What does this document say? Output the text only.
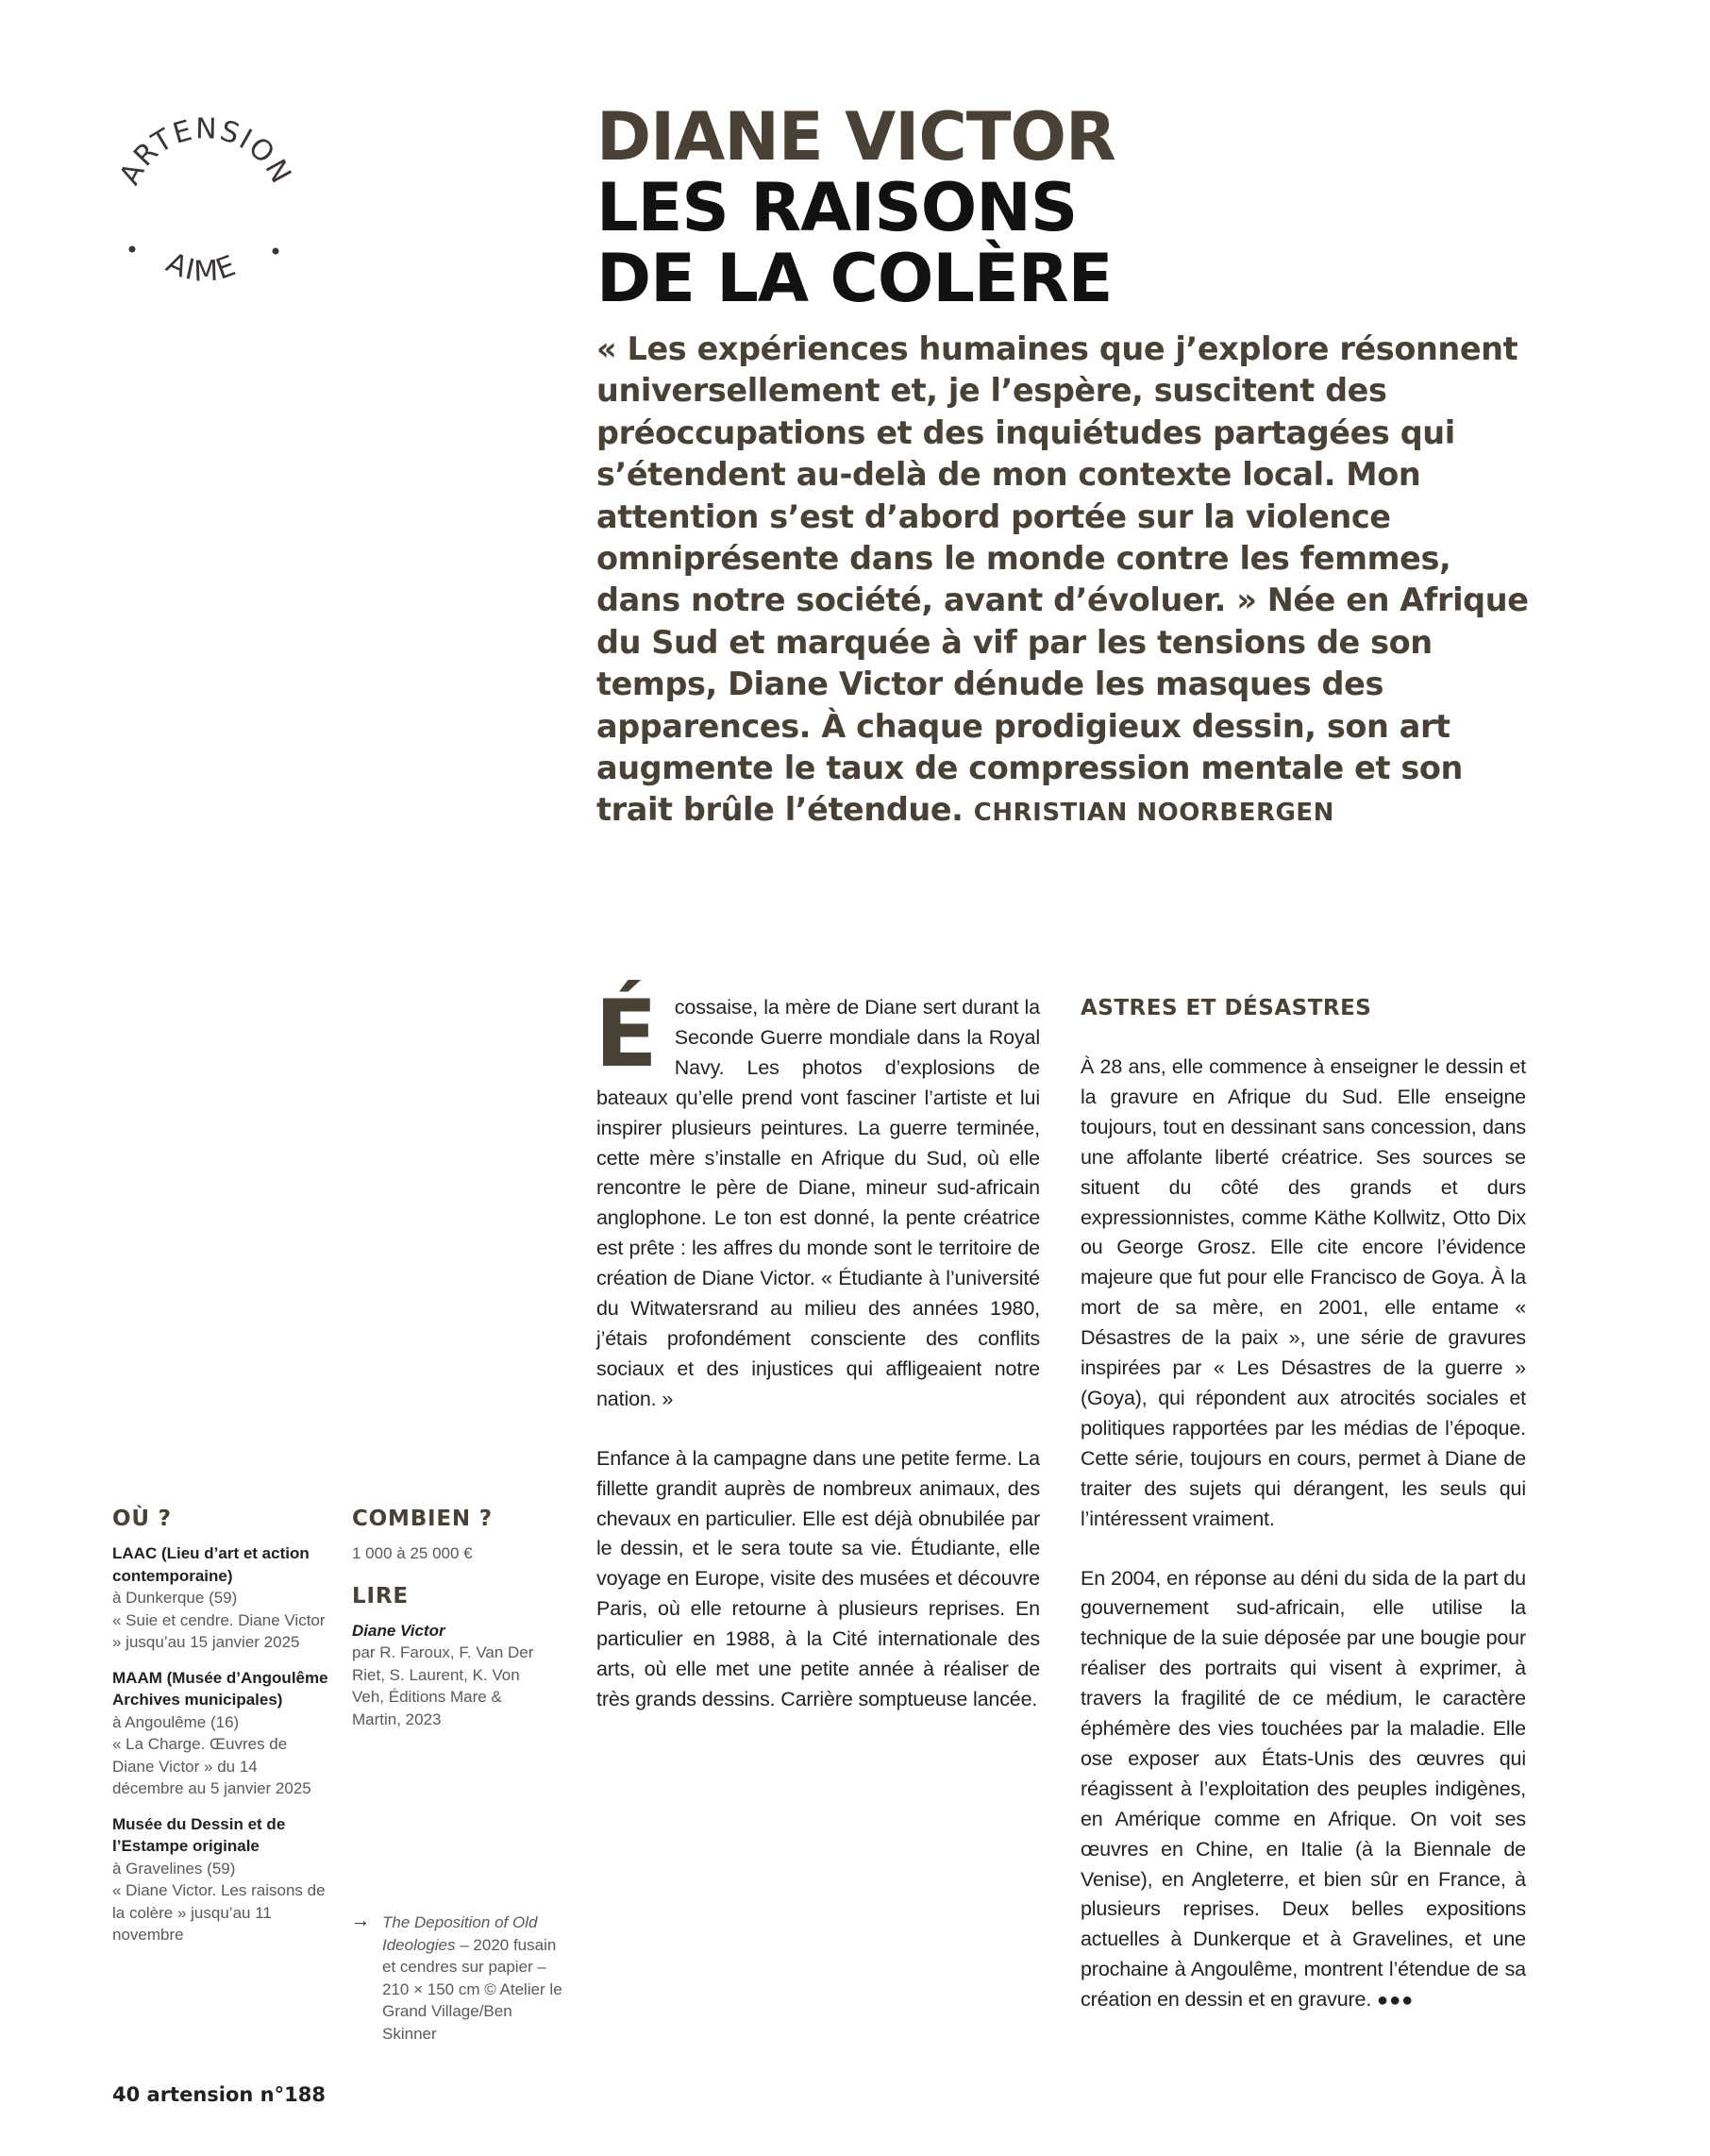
ARTENSION
AIME
DIANE VICTOR
LES RAISONS
DE LA COLÈRE

« Les expériences humaines que j’explore résonnent universellement et, je l’espère, suscitent des préoccupations et des inquiétudes partagées qui s’étendent au-delà de mon contexte local. Mon attention s’est d’abord portée sur la violence omniprésente dans le monde contre les femmes, dans notre société, avant d’évoluer. » Née en Afrique du Sud et marquée à vif par les tensions de son temps, Diane Victor dénude les masques des apparences. À chaque prodigieux dessin, son art augmente le taux de compression mentale et son trait brûle l’étendue. CHRISTIAN NOORBERGEN

Écossaise, la mère de Diane sert durant la Seconde Guerre mondiale dans la Royal Navy. Les photos d’explosions de bateaux qu’elle prend vont fasciner l’artiste et lui inspirer plusieurs peintures. La guerre terminée, cette mère s’installe en Afrique du Sud, où elle rencontre le père de Diane, mineur sud-africain anglophone. Le ton est donné, la pente créatrice est prête : les affres du monde sont le territoire de création de Diane Victor. « Étudiante à l’université du Witwatersrand au milieu des années 1980, j’étais profondément consciente des conflits sociaux et des injustices qui affligeaient notre nation. »

Enfance à la campagne dans une petite ferme. La fillette grandit auprès de nombreux animaux, des chevaux en particulier. Elle est déjà obnubilée par le dessin, et le sera toute sa vie. Étudiante, elle voyage en Europe, visite des musées et découvre Paris, où elle retourne à plusieurs reprises. En particulier en 1988, à la Cité internationale des arts, où elle met une petite année à réaliser de très grands dessins. Carrière somptueuse lancée.

ASTRES ET DÉSASTRES

À 28 ans, elle commence à enseigner le dessin et la gravure en Afrique du Sud. Elle enseigne toujours, tout en dessinant sans concession, dans une affolante liberté créatrice. Ses sources se situent du côté des grands et durs expressionnistes, comme Käthe Kollwitz, Otto Dix ou George Grosz. Elle cite encore l’évidence majeure que fut pour elle Francisco de Goya. À la mort de sa mère, en 2001, elle entame « Désastres de la paix », une série de gravures inspirées par « Les Désastres de la guerre » (Goya), qui répondent aux atrocités sociales et politiques rapportées par les médias de l’époque. Cette série, toujours en cours, permet à Diane de traiter des sujets qui dérangent, les seuls qui l’intéressent vraiment.

En 2004, en réponse au déni du sida de la part du gouvernement sud-africain, elle utilise la technique de la suie déposée par une bougie pour réaliser des portraits qui visent à exprimer, à travers la fragilité de ce médium, le caractère éphémère des vies touchées par la maladie. Elle ose exposer aux États-Unis des œuvres qui réagissent à l’exploitation des peuples indigènes, en Amérique comme en Afrique. On voit ses œuvres en Chine, en Italie (à la Biennale de Venise), en Angleterre, et bien sûr en France, à plusieurs reprises. Deux belles expositions actuelles à Dunkerque et à Gravelines, et une prochaine à Angoulême, montrent l’étendue de sa création en dessin et en gravure. ●●●

OÙ ?
LAAC (Lieu d’art et action contemporaine)
à Dunkerque (59)
« Suie et cendre. Diane Victor » jusqu’au 15 janvier 2025
MAAM (Musée d’Angoulême Archives municipales)
à Angoulême (16)
« La Charge. Œuvres de Diane Victor » du 14 décembre au 5 janvier 2025
Musée du Dessin et de l’Estampe originale
à Gravelines (59)
« Diane Victor. Les raisons de la colère » jusqu’au 11 novembre
COMBIEN ?
1 000 à 25 000 €
LIRE
Diane Victor
par R. Faroux, F. Van Der Riet, S. Laurent, K. Von Veh, Éditions Mare & Martin, 2023
→ The Deposition of Old Ideologies – 2020 fusain et cendres sur papier – 210 × 150 cm © Atelier le Grand Village/Ben Skinner
40 artension n°188
